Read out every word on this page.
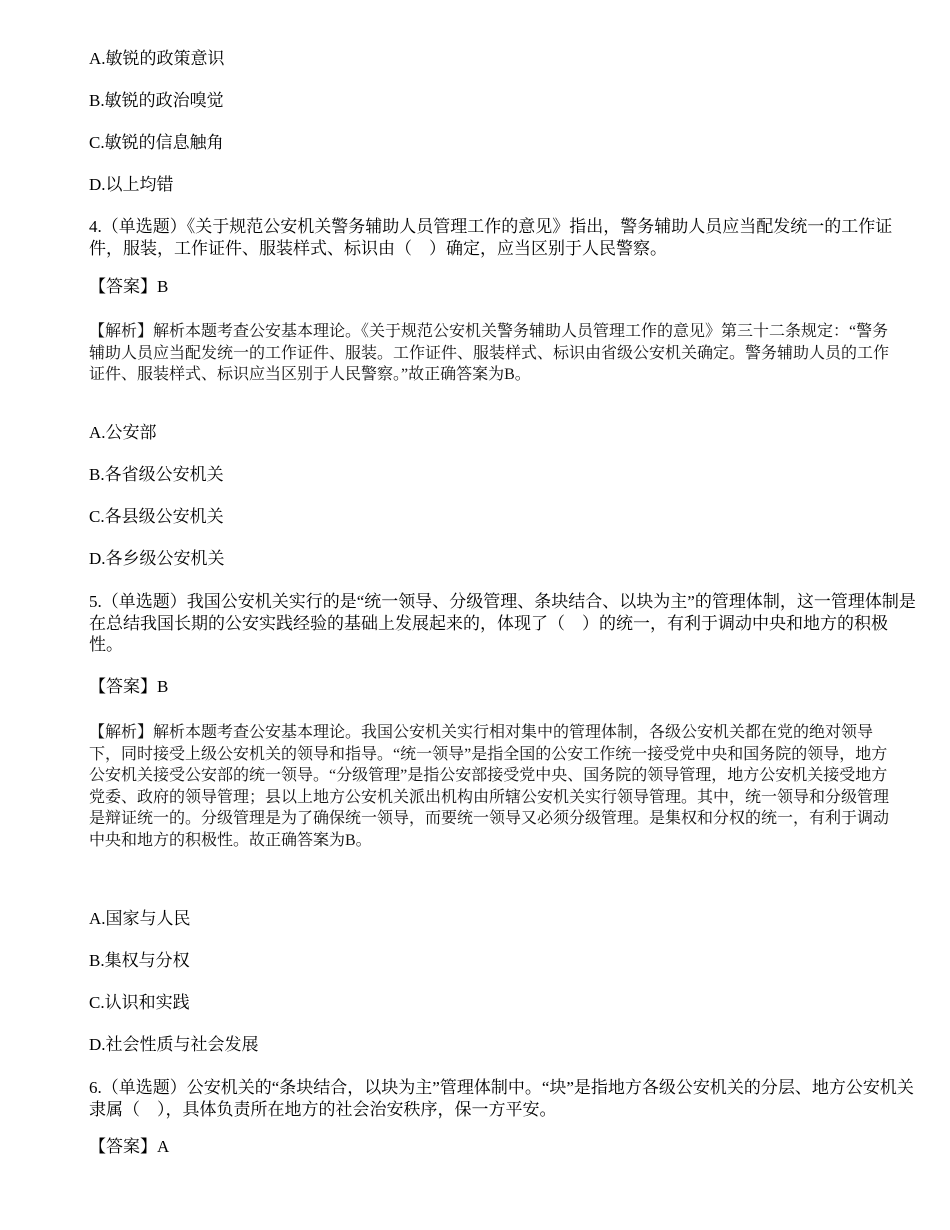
A.敏锐的政策意识
B.敏锐的政治嗅觉
C.敏锐的信息触角
D.以上均错
4.（单选题）《关于规范公安机关警务辅助人员管理工作的意见》指出，警务辅助人员应当配发统一的工作证件，服装，工作证件、服装样式、标识由（　）确定，应当区别于人民警察。
【答案】B
【解析】解析本题考查公安基本理论。《关于规范公安机关警务辅助人员管理工作的意见》第三十二条规定：“警务辅助人员应当配发统一的工作证件、服装。工作证件、服装样式、标识由省级公安机关确定。警务辅助人员的工作证件、服装样式、标识应当区别于人民警察。”故正确答案为B。
A.公安部
B.各省级公安机关
C.各县级公安机关
D.各乡级公安机关
5.（单选题）我国公安机关实行的是“统一领导、分级管理、条块结合、以块为主”的管理体制，这一管理体制是在总结我国长期的公安实践经验的基础上发展起来的，体现了（　）的统一，有利于调动中央和地方的积极性。
【答案】B
【解析】解析本题考查公安基本理论。我国公安机关实行相对集中的管理体制，各级公安机关都在党的绝对领导下，同时接受上级公安机关的领导和指导。“统一领导”是指全国的公安工作统一接受党中央和国务院的领导，地方公安机关接受公安部的统一领导。“分级管理”是指公安部接受党中央、国务院的领导管理，地方公安机关接受地方党委、政府的领导管理；县以上地方公安机关派出机构由所辖公安机关实行领导管理。其中，统一领导和分级管理是辩证统一的。分级管理是为了确保统一领导，而要统一领导又必须分级管理。是集权和分权的统一，有利于调动中央和地方的积极性。故正确答案为B。
A.国家与人民
B.集权与分权
C.认识和实践
D.社会性质与社会发展
6.（单选题）公安机关的“条块结合，以块为主”管理体制中。“块”是指地方各级公安机关的分层、地方公安机关隶属（　），具体负责所在地方的社会治安秩序，保一方平安。
【答案】A
